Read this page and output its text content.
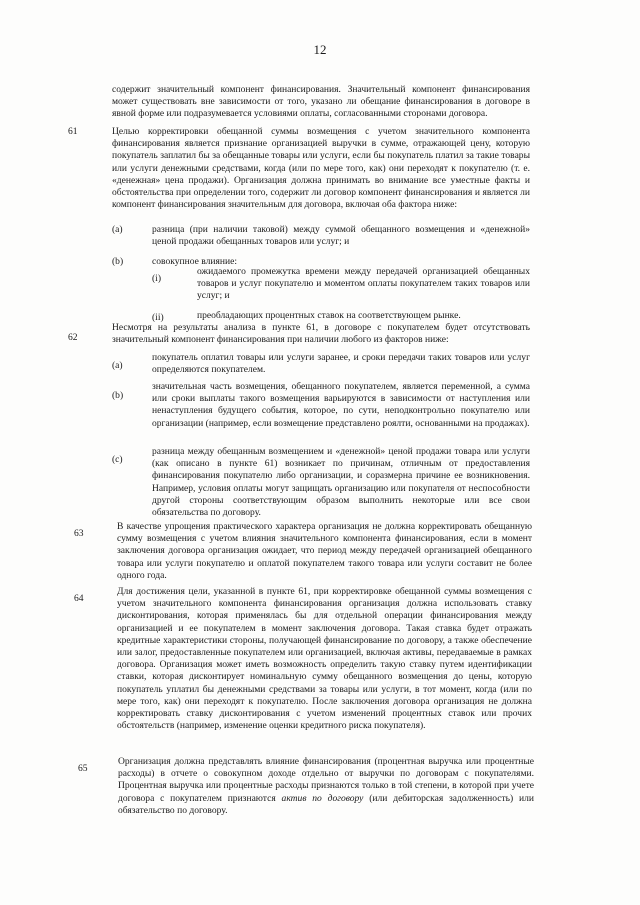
12
содержит значительный компонент финансирования. Значительный компонент финансирования может существовать вне зависимости от того, указано ли обещание финансирования в договоре в явной форме или подразумевается условиями оплаты, согласованными сторонами договора.
61	Целью корректировки обещанной суммы возмещения с учетом значительного компонента финансирования является признание организацией выручки в сумме, отражающей цену, которую покупатель заплатил бы за обещанные товары или услуги, если бы покупатель платил за такие товары или услуги денежными средствами, когда (или по мере того, как) они переходят к покупателю (т. е. «денежная» цена продажи). Организация должна принимать во внимание все уместные факты и обстоятельства при определении того, содержит ли договор компонент финансирования и является ли компонент финансирования значительным для договора, включая оба фактора ниже:
(a)	разница (при наличии таковой) между суммой обещанного возмещения и «денежной» ценой продажи обещанных товаров или услуг; и
(b)	совокупное влияние:
(i)
ожидаемого промежутка времени между передачей организацией обещанных товаров и услуг покупателю и моментом оплаты покупателем таких товаров или услуг; и
(ii)	преобладающих процентных ставок на соответствующем рынке.
62
Несмотря на результаты анализа в пункте 61, в договоре с покупателем будет отсутствовать значительный компонент финансирования при наличии любого из факторов ниже:
(a)
покупатель оплатил товары или услуги заранее, и сроки передачи таких товаров или услуг определяются покупателем.
(b)
значительная часть возмещения, обещанного покупателем, является переменной, а сумма или сроки выплаты такого возмещения варьируются в зависимости от наступления или ненаступления будущего события, которое, по сути, неподконтрольно покупателю или организации (например, если возмещение представлено роялти, основанными на продажах).
(c)
разница между обещанным возмещением и «денежной» ценой продажи товара или услуги (как описано в пункте 61) возникает по причинам, отличным от предоставления финансирования покупателю либо организации, и соразмерна причине ее возникновения. Например, условия оплаты могут защищать организацию или покупателя от неспособности другой стороны соответствующим образом выполнить некоторые или все свои обязательства по договору.
63
В качестве упрощения практического характера организация не должна корректировать обещанную сумму возмещения с учетом влияния значительного компонента финансирования, если в момент заключения договора организация ожидает, что период между передачей организацией обещанного товара или услуги покупателю и оплатой покупателем такого товара или услуги составит не более одного года.
64
Для достижения цели, указанной в пункте 61, при корректировке обещанной суммы возмещения с учетом значительного компонента финансирования организация должна использовать ставку дисконтирования, которая применялась бы для отдельной операции финансирования между организацией и ее покупателем в момент заключения договора. Такая ставка будет отражать кредитные характеристики стороны, получающей финансирование по договору, а также обеспечение или залог, предоставленные покупателем или организацией, включая активы, передаваемые в рамках договора. Организация может иметь возможность определить такую ставку путем идентификации ставки, которая дисконтирует номинальную сумму обещанного возмещения до цены, которую покупатель уплатил бы денежными средствами за товары или услуги, в тот момент, когда (или по мере того, как) они переходят к покупателю. После заключения договора организация не должна корректировать ставку дисконтирования с учетом изменений процентных ставок или прочих обстоятельств (например, изменение оценки кредитного риска покупателя).
65
Организация должна представлять влияние финансирования (процентная выручка или процентные расходы) в отчете о совокупном доходе отдельно от выручки по договорам с покупателями. Процентная выручка или процентные расходы признаются только в той степени, в которой при учете договора с покупателем признаются актив по договору (или дебиторская задолженность) или обязательство по договору.
